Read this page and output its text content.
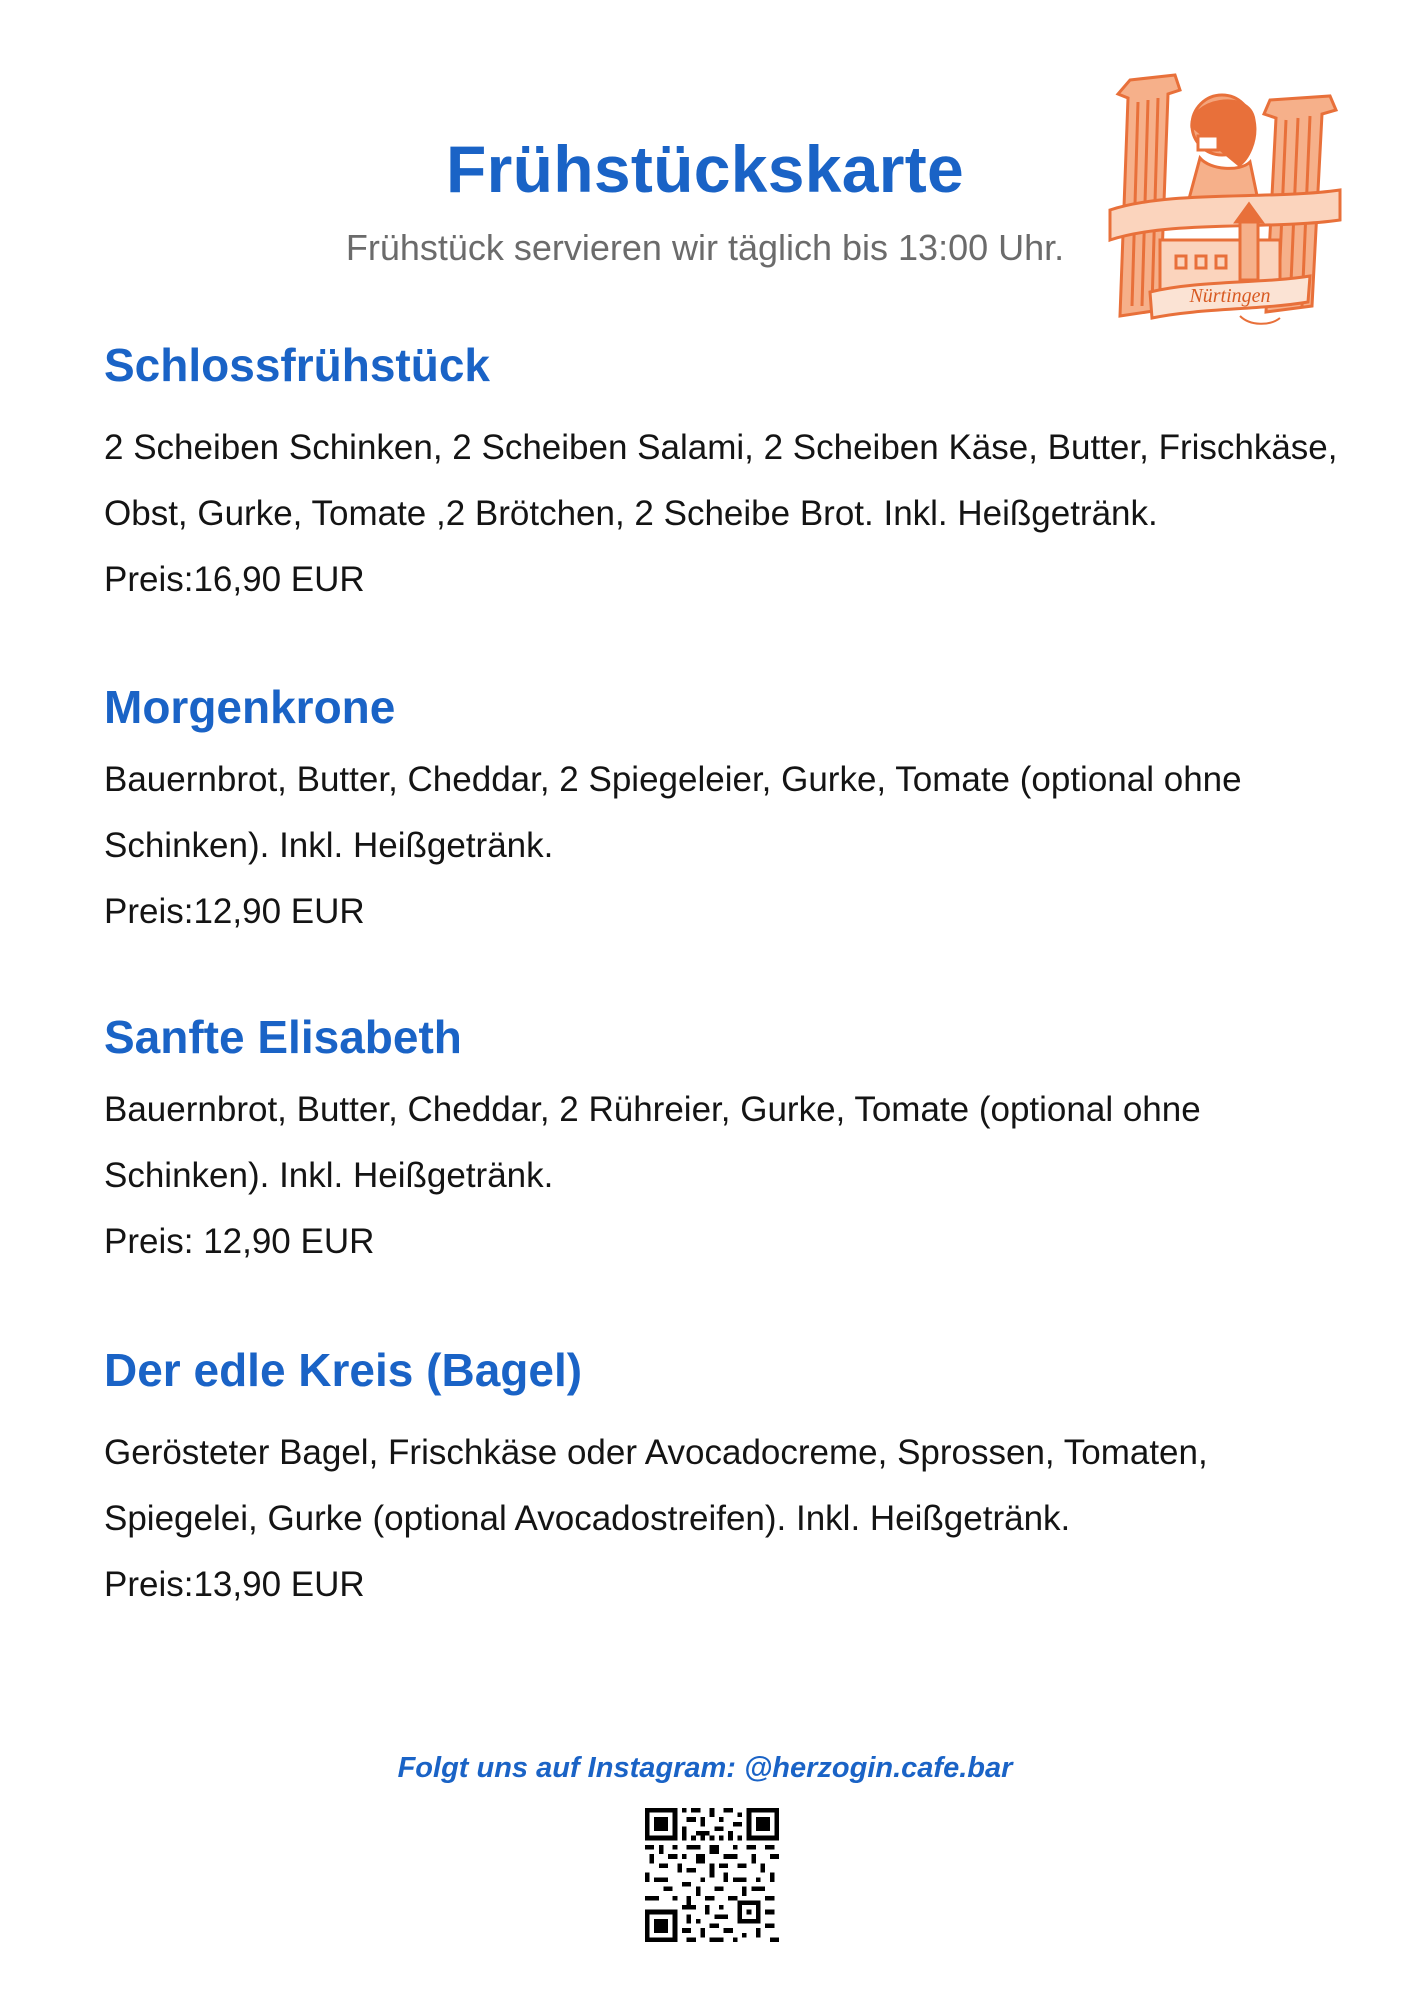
Frühstückskarte
Frühstück servieren wir täglich bis 13:00 Uhr.
Nürtingen
Schlossfrühstück

2 Scheiben Schinken, 2 Scheiben Salami, 2 Scheiben Käse, Butter, Frischkäse, Obst, Gurke, Tomate ,2 Brötchen, 2 Scheibe Brot. Inkl. Heißgetränk.

Preis:16,90 EUR

Morgenkrone

Bauernbrot, Butter, Cheddar, 2 Spiegeleier, Gurke, Tomate (optional ohne Schinken). Inkl. Heißgetränk.

Preis:12,90 EUR

Sanfte Elisabeth

Bauernbrot, Butter, Cheddar, 2 Rühreier, Gurke, Tomate (optional ohne Schinken). Inkl. Heißgetränk.

Preis: 12,90 EUR

Der edle Kreis (Bagel)

Gerösteter Bagel, Frischkäse oder Avocadocreme, Sprossen, Tomaten, Spiegelei, Gurke (optional Avocadostreifen). Inkl. Heißgetränk.

Preis:13,90 EUR

Folgt uns auf Instagram: @herzogin.cafe.bar
